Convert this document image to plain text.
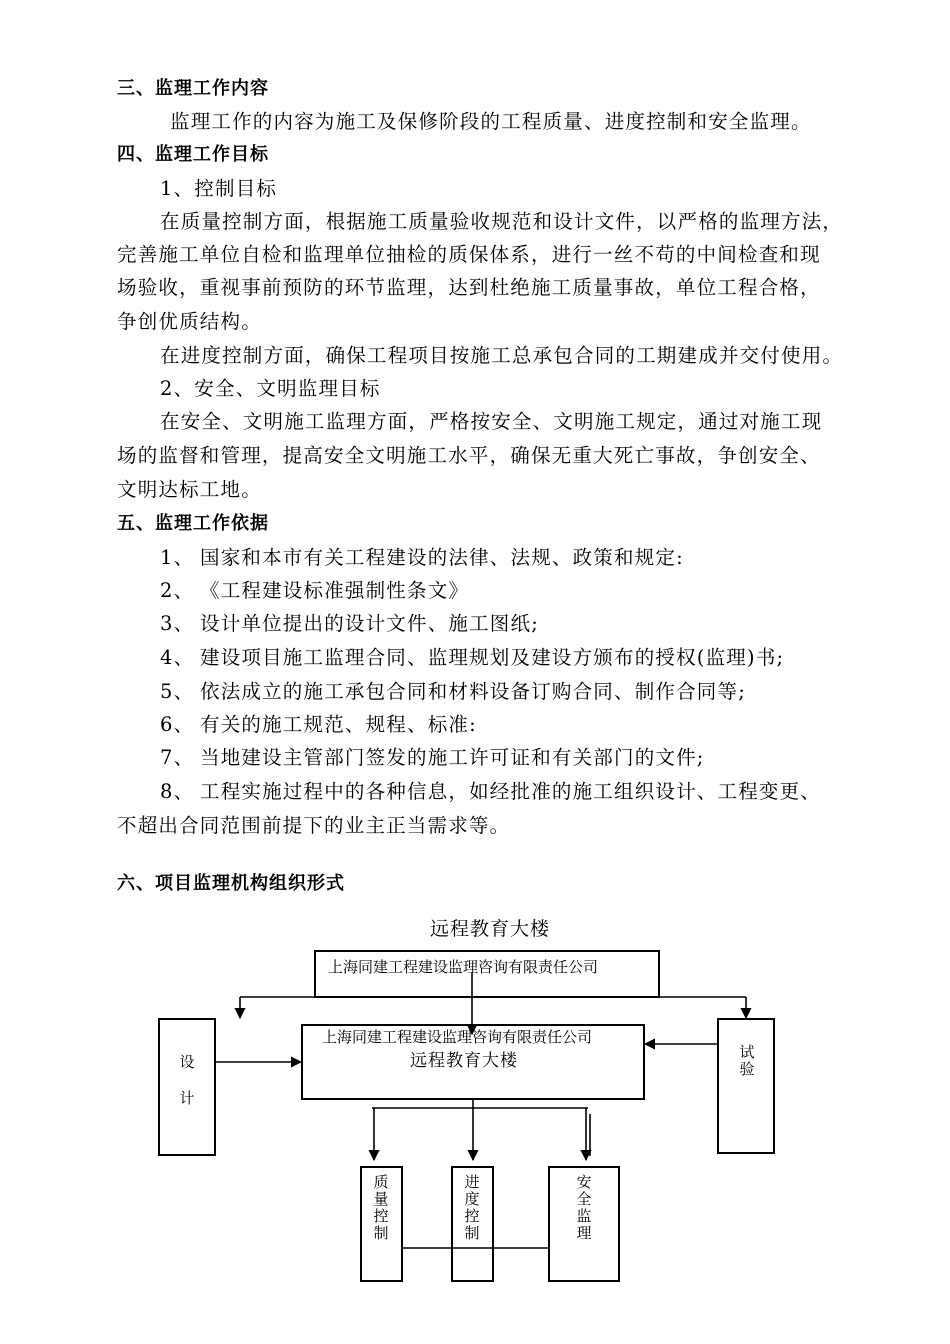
三、监理工作内容
监理工作的内容为施工及保修阶段的工程质量、进度控制和安全监理。
四、监理工作目标
1、控制目标
在质量控制方面，根据施工质量验收规范和设计文件，以严格的监理方法，
完善施工单位自检和监理单位抽检的质保体系，进行一丝不苟的中间检查和现
场验收，重视事前预防的环节监理，达到杜绝施工质量事故，单位工程合格，
争创优质结构。
在进度控制方面，确保工程项目按施工总承包合同的工期建成并交付使用。
2、安全、文明监理目标
在安全、文明施工监理方面，严格按安全、文明施工规定，通过对施工现
场的监督和管理，提高安全文明施工水平，确保无重大死亡事故，争创安全、
文明达标工地。
五、监理工作依据
1、 国家和本市有关工程建设的法律、法规、政策和规定:
2、 《工程建设标准强制性条文》
3、 设计单位提出的设计文件、施工图纸;
4、 建设项目施工监理合同、监理规划及建设方颁布的授权(监理)书;
5、 依法成立的施工承包合同和材料设备订购合同、制作合同等;
6、 有关的施工规范、规程、标准:
7、 当地建设主管部门签发的施工许可证和有关部门的文件;
8、 工程实施过程中的各种信息，如经批准的施工组织设计、工程变更、
不超出合同范围前提下的业主正当需求等。
六、项目监理机构组织形式
远程教育大楼
上海同建工程建设监理咨询有限责任公司
上海同建工程建设监理咨询有限责任公司
远程教育大楼
设计
试验
质量控制
进度控制
安全监理
